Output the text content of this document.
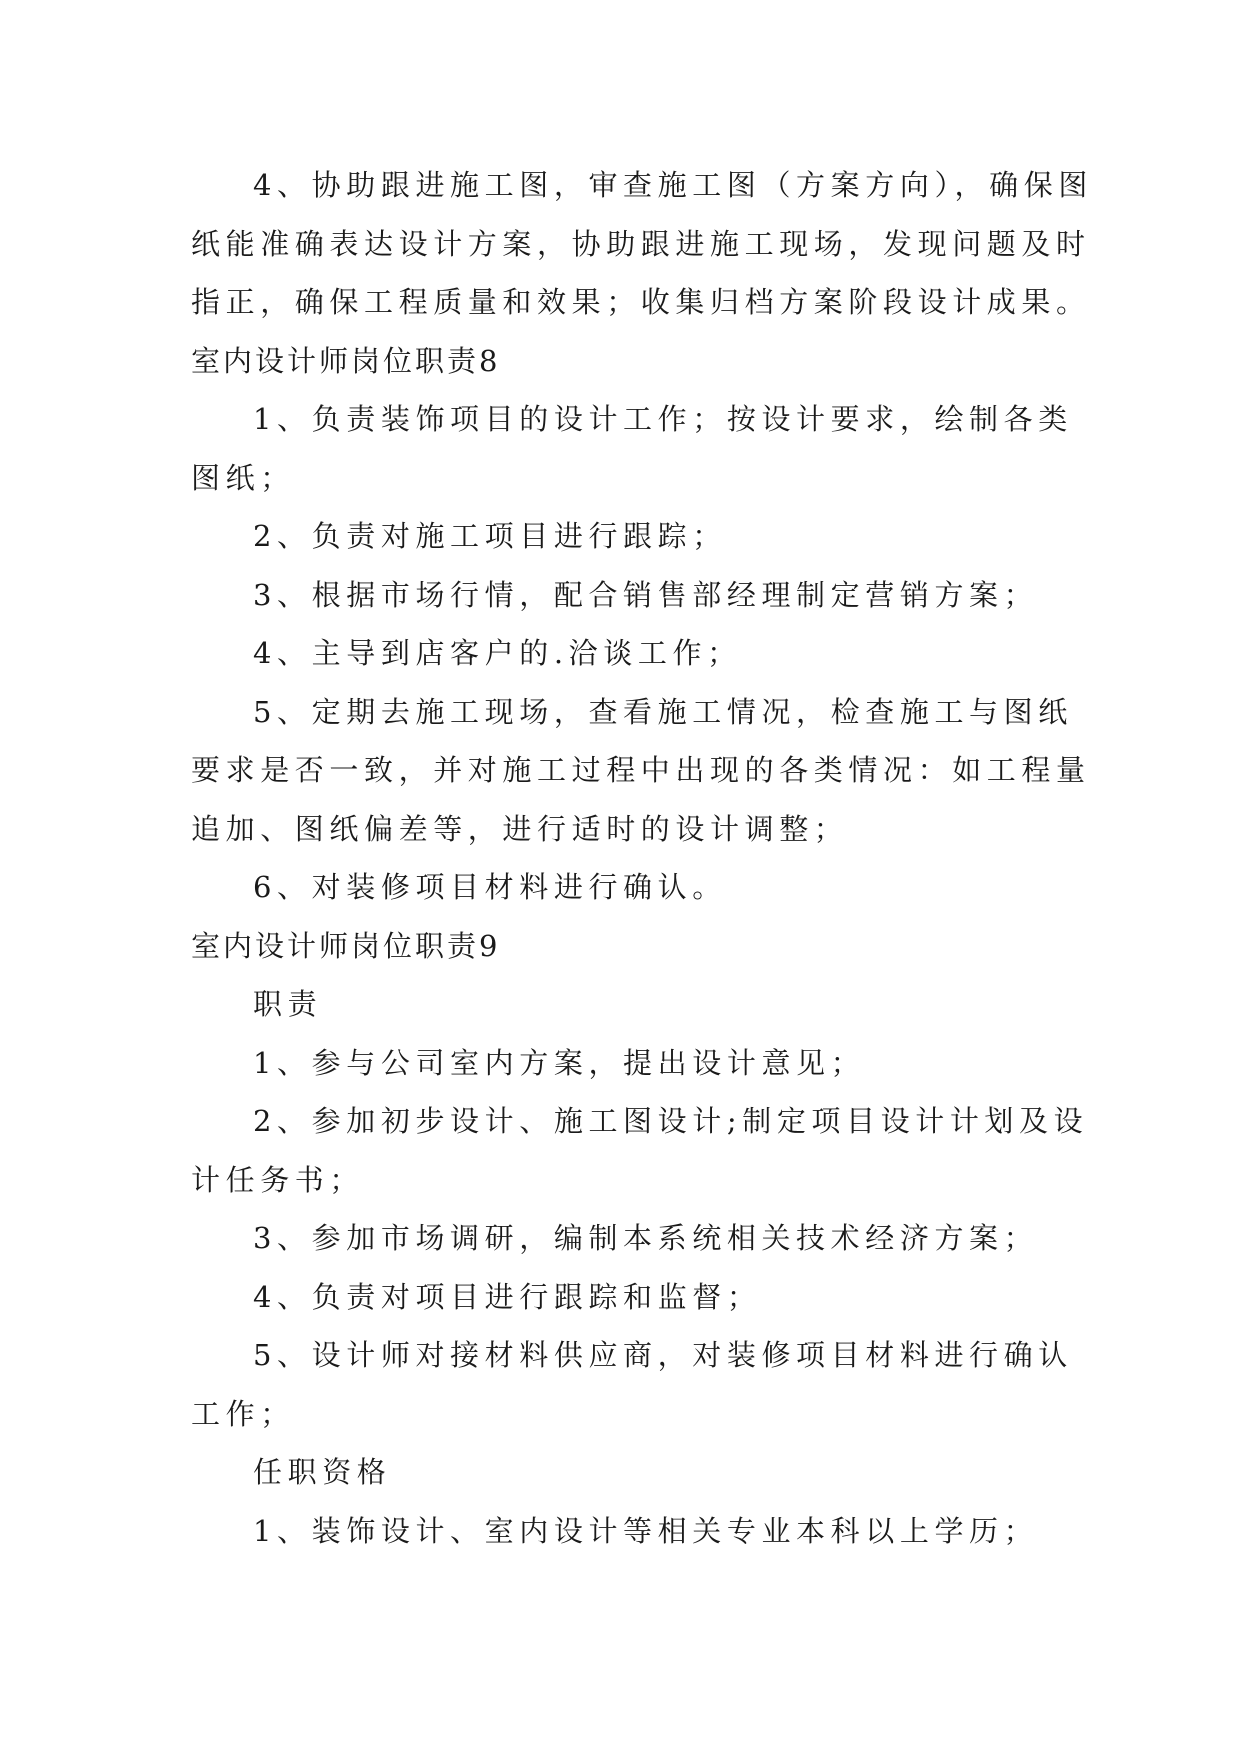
4、协助跟进施工图，审查施工图（方案方向），确保图
纸能准确表达设计方案，协助跟进施工现场，发现问题及时
指正，确保工程质量和效果；收集归档方案阶段设计成果。
室内设计师岗位职责8
1、负责装饰项目的设计工作；按设计要求，绘制各类
图纸；
2、负责对施工项目进行跟踪；
3、根据市场行情，配合销售部经理制定营销方案；
4、主导到店客户的.洽谈工作；
5、定期去施工现场，查看施工情况，检查施工与图纸
要求是否一致，并对施工过程中出现的各类情况：如工程量
追加、图纸偏差等，进行适时的设计调整；
6、对装修项目材料进行确认。
室内设计师岗位职责9
职责
1、参与公司室内方案，提出设计意见；
2、参加初步设计、施工图设计;制定项目设计计划及设
计任务书；
3、参加市场调研，编制本系统相关技术经济方案；
4、负责对项目进行跟踪和监督；
5、设计师对接材料供应商，对装修项目材料进行确认
工作；
任职资格
1、装饰设计、室内设计等相关专业本科以上学历；
